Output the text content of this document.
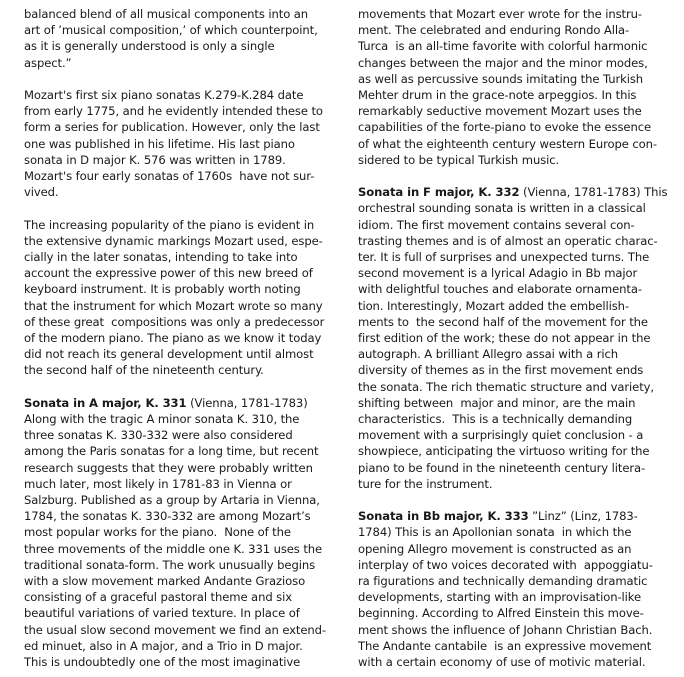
balanced blend of all musical components into an
art of ’musical composition,’ of which counterpoint,
as it is generally understood is only a single
aspect.”
Mozart's first six piano sonatas K.279-K.284 date
from early 1775, and he evidently intended these to
form a series for publication. However, only the last
one was published in his lifetime. His last piano
sonata in D major K. 576 was written in 1789.
Mozart's four early sonatas of 1760s  have not sur-
vived.
The increasing popularity of the piano is evident in
the extensive dynamic markings Mozart used, espe-
cially in the later sonatas, intending to take into
account the expressive power of this new breed of
keyboard instrument. It is probably worth noting
that the instrument for which Mozart wrote so many
of these great  compositions was only a predecessor
of the modern piano. The piano as we know it today
did not reach its general development until almost
the second half of the nineteenth century.
Sonata in A major, K. 331 (Vienna, 1781-1783)
Along with the tragic A minor sonata K. 310, the
three sonatas K. 330-332 were also considered
among the Paris sonatas for a long time, but recent
research suggests that they were probably written
much later, most likely in 1781-83 in Vienna or
Salzburg. Published as a group by Artaria in Vienna,
1784, the sonatas K. 330-332 are among Mozart’s
most popular works for the piano.  None of the
three movements of the middle one K. 331 uses the
traditional sonata-form. The work unusually begins
with a slow movement marked Andante Grazioso
consisting of a graceful pastoral theme and six
beautiful variations of varied texture. In place of
the usual slow second movement we find an extend-
ed minuet, also in A major, and a Trio in D major.
This is undoubtedly one of the most imaginative
movements that Mozart ever wrote for the instru-
ment. The celebrated and enduring Rondo Alla-
Turca  is an all-time favorite with colorful harmonic
changes between the major and the minor modes,
as well as percussive sounds imitating the Turkish
Mehter drum in the grace-note arpeggios. In this
remarkably seductive movement Mozart uses the
capabilities of the forte-piano to evoke the essence
of what the eighteenth century western Europe con-
sidered to be typical Turkish music.
Sonata in F major, K. 332 (Vienna, 1781-1783) This
orchestral sounding sonata is written in a classical
idiom. The first movement contains several con-
trasting themes and is of almost an operatic charac-
ter. It is full of surprises and unexpected turns. The
second movement is a lyrical Adagio in Bb major
with delightful touches and elaborate ornamenta-
tion. Interestingly, Mozart added the embellish-
ments to  the second half of the movement for the
first edition of the work; these do not appear in the
autograph. A brilliant Allegro assai with a rich
diversity of themes as in the first movement ends
the sonata. The rich thematic structure and variety,
shifting between  major and minor, are the main
characteristics.  This is a technically demanding
movement with a surprisingly quiet conclusion - a
showpiece, anticipating the virtuoso writing for the
piano to be found in the nineteenth century litera-
ture for the instrument.
Sonata in Bb major, K. 333 ”Linz” (Linz, 1783-
1784) This is an Apollonian sonata  in which the
opening Allegro movement is constructed as an
interplay of two voices decorated with  appoggiatu-
ra figurations and technically demanding dramatic
developments, starting with an improvisation-like
beginning. According to Alfred Einstein this move-
ment shows the influence of Johann Christian Bach.
The Andante cantabile  is an expressive movement
with a certain economy of use of motivic material.
